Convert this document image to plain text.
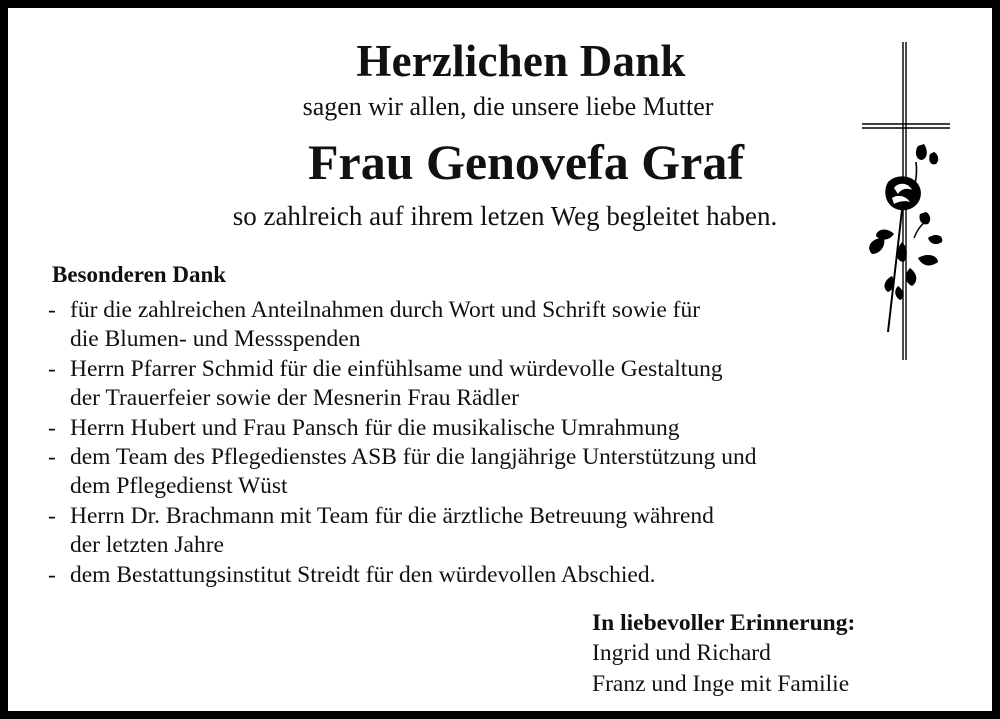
Herzlichen Dank
sagen wir allen, die unsere liebe Mutter
Frau Genovefa Graf
so zahlreich auf ihrem letzen Weg begleitet haben.
Besonderen Dank
- für die zahlreichen Anteilnahmen durch Wort und Schrift sowie für
die Blumen- und Messspenden
- Herrn Pfarrer Schmid für die einfühlsame und würdevolle Gestaltung
der Trauerfeier sowie der Mesnerin Frau Rädler
- Herrn Hubert und Frau Pansch für die musikalische Umrahmung
- dem Team des Pflegedienstes ASB für die langjährige Unterstützung und
dem Pflegedienst Wüst
- Herrn Dr. Brachmann mit Team für die ärztliche Betreuung während
der letzten Jahre
- dem Bestattungsinstitut Streidt für den würdevollen Abschied.
In liebevoller Erinnerung:
Ingrid und Richard
Franz und Inge mit Familie
